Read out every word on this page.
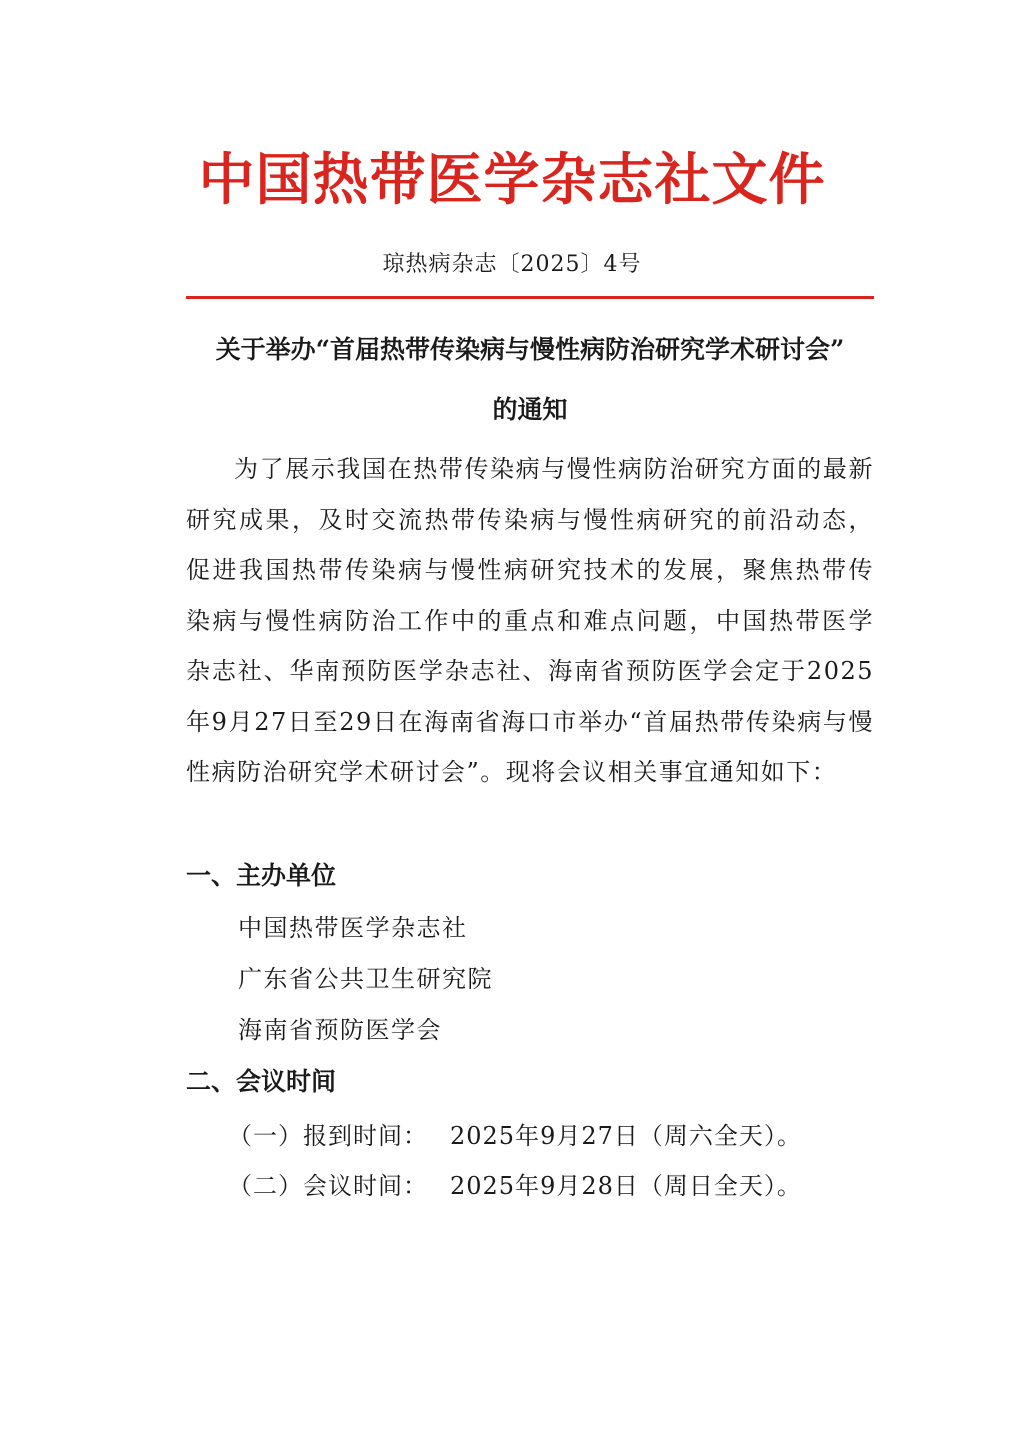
中国热带医学杂志社文件
琼热病杂志〔2025〕4号
关于举办“首届热带传染病与慢性病防治研究学术研讨会”
的通知

为了展示我国在热带传染病与慢性病防治研究方面的最新研究成果，及时交流热带传染病与慢性病研究的前沿动态，促进我国热带传染病与慢性病研究技术的发展，聚焦热带传染病与慢性病防治工作中的重点和难点问题，中国热带医学杂志社、华南预防医学杂志社、海南省预防医学会定于2025年9月27日至29日在海南省海口市举办“首届热带传染病与慢性病防治研究学术研讨会”。现将会议相关事宜通知如下：

一、主办单位
中国热带医学杂志社
广东省公共卫生研究院
海南省预防医学会
二、会议时间
（一）报到时间： 2025年9月27日（周六全天）。
（二）会议时间： 2025年9月28日（周日全天）。
